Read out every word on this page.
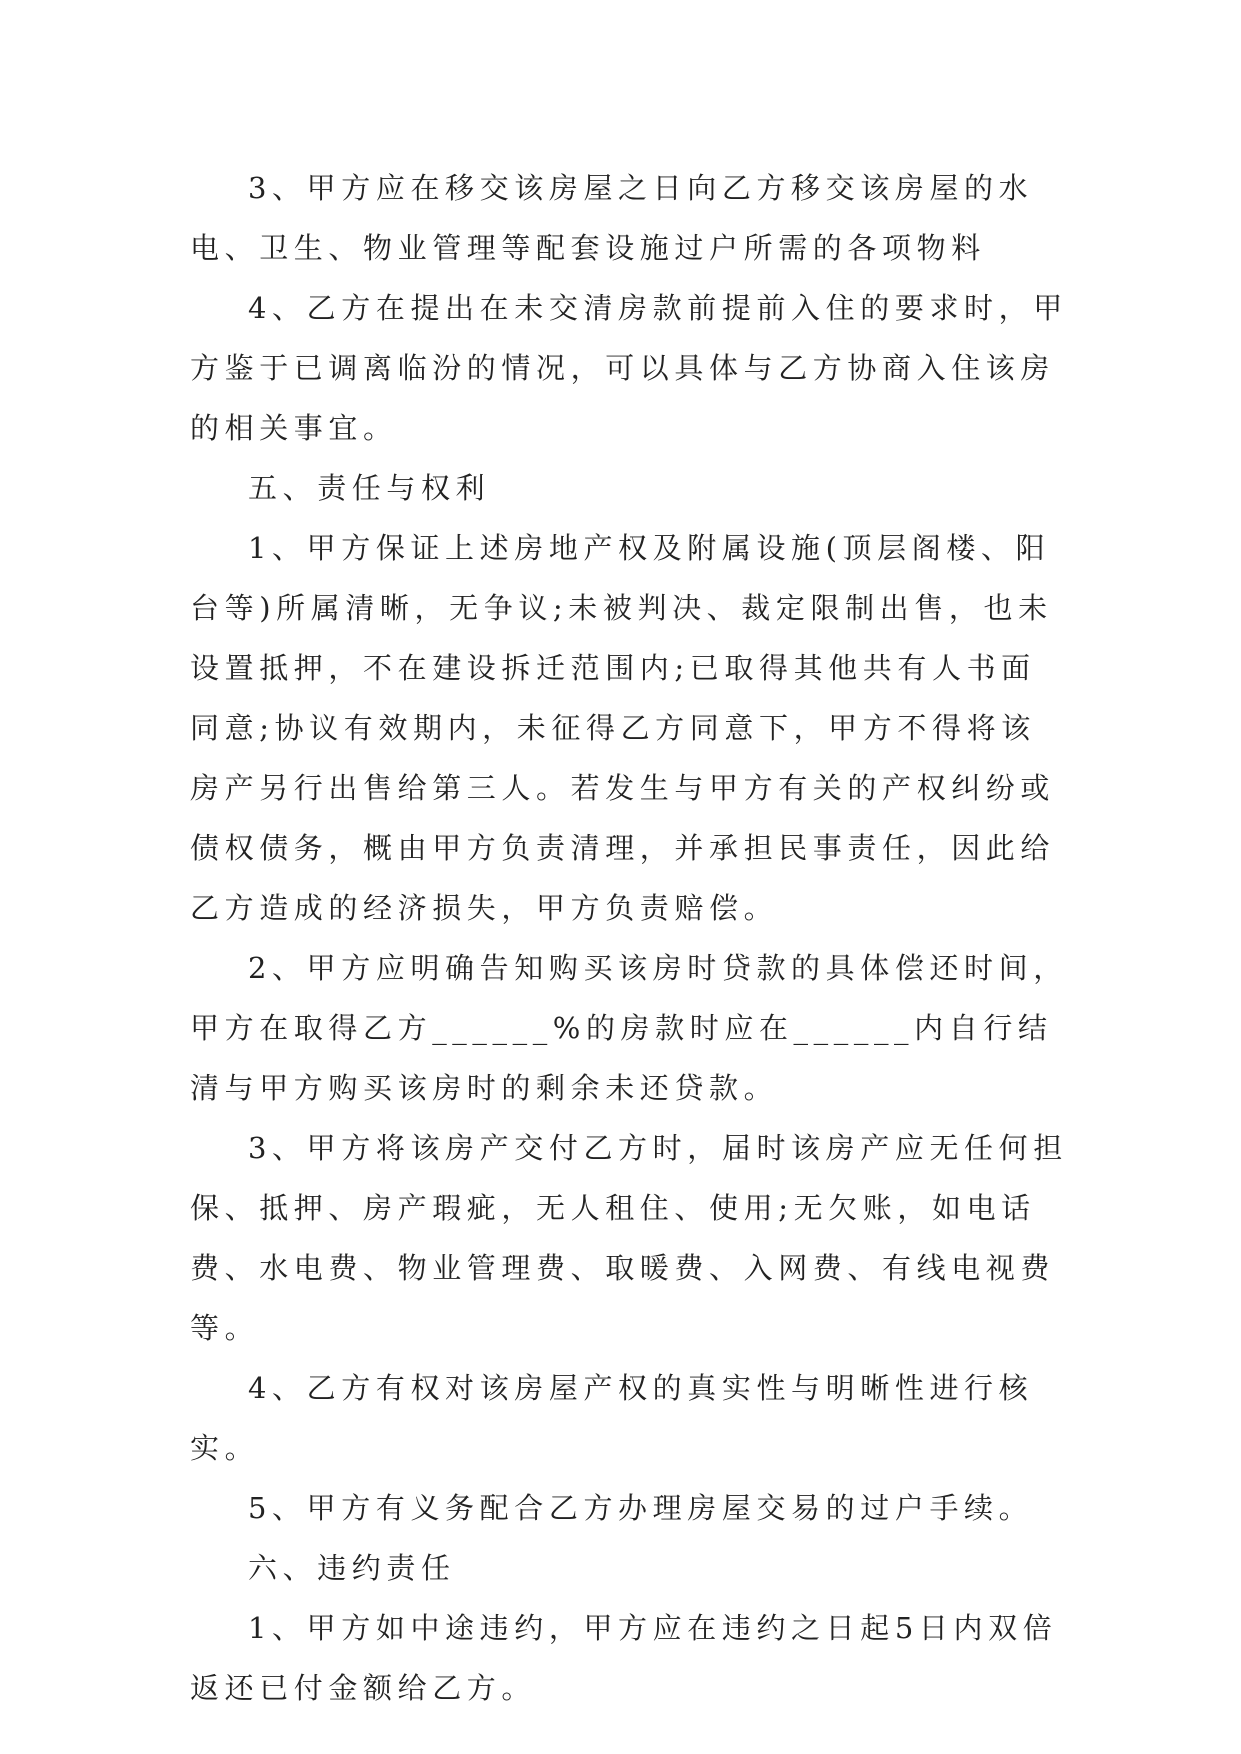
3、甲方应在移交该房屋之日向乙方移交该房屋的水电、卫生、物业管理等配套设施过户所需的各项物料

4、乙方在提出在未交清房款前提前入住的要求时，甲方鉴于已调离临汾的情况，可以具体与乙方协商入住该房的相关事宜。

五、责任与权利

1、甲方保证上述房地产权及附属设施(顶层阁楼、阳台等)所属清晰，无争议;未被判决、裁定限制出售，也未设置抵押，不在建设拆迁范围内;已取得其他共有人书面同意;协议有效期内，未征得乙方同意下，甲方不得将该房产另行出售给第三人。若发生与甲方有关的产权纠纷或债权债务，概由甲方负责清理，并承担民事责任，因此给乙方造成的经济损失，甲方负责赔偿。

2、甲方应明确告知购买该房时贷款的具体偿还时间，甲方在取得乙方______%的房款时应在______内自行结清与甲方购买该房时的剩余未还贷款。

3、甲方将该房产交付乙方时，届时该房产应无任何担保、抵押、房产瑕疵，无人租住、使用;无欠账，如电话费、水电费、物业管理费、取暖费、入网费、有线电视费等。

4、乙方有权对该房屋产权的真实性与明晰性进行核实。

5、甲方有义务配合乙方办理房屋交易的过户手续。

六、违约责任

1、甲方如中途违约，甲方应在违约之日起5日内双倍返还已付金额给乙方。
